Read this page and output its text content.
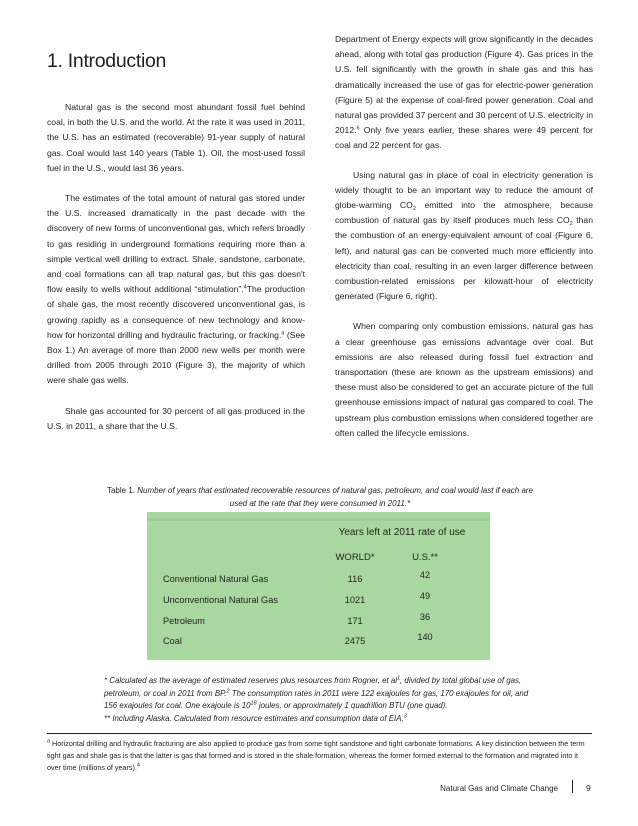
1. Introduction

Natural gas is the second most abundant fossil fuel behind coal, in both the U.S. and the world. At the rate it was used in 2011, the U.S. has an estimated (recoverable) 91-year supply of natural gas. Coal would last 140 years (Table 1). Oil, the most-used fossil fuel in the U.S., would last 36 years.

The estimates of the total amount of natural gas stored under the U.S. increased dramatically in the past decade with the discovery of new forms of unconventional gas, which refers broadly to gas residing in underground formations requiring more than a simple vertical well drilling to extract. Shale, sandstone, carbonate, and coal formations can all trap natural gas, but this gas doesn't flow easily to wells without additional “stimulation”.$^4$The production of shale gas, the most recently discovered unconventional gas, is growing rapidly as a consequence of new technology and know-how for horizontal drilling and hydraulic fracturing, or fracking.$^a$ (See Box 1.) An average of more than 2000 new wells per month were drilled from 2005 through 2010 (Figure 3), the majority of which were shale gas wells.

Shale gas accounted for 30 percent of all gas produced in the U.S. in 2011, a share that the U.S.

Department of Energy expects will grow significantly in the decades ahead, along with total gas production (Figure 4). Gas prices in the U.S. fell significantly with the growth in shale gas and this has dramatically increased the use of gas for electric-power generation (Figure 5) at the expense of coal-fired power generation. Coal and natural gas provided 37 percent and 30 percent of U.S. electricity in 2012.$^6$ Only five years earlier, these shares were 49 percent for coal and 22 percent for gas.

Using natural gas in place of coal in electricity generation is widely thought to be an important way to reduce the amount of globe-warming $CO_2$ emitted into the atmosphere, because combustion of natural gas by itself produces much less $CO_2$ than the combustion of an energy-equivalent amount of coal (Figure 6, left), and natural gas can be converted much more efficiently into electricity than coal, resulting in an even larger difference between combustion-related emissions per kilowatt-hour of electricity generated (Figure 6, right).

When comparing only combustion emissions, natural gas has a clear greenhouse gas emissions advantage over coal. But emissions are also released during fossil fuel extraction and transportation (these are known as the upstream emissions) and these must also be considered to get an accurate picture of the full greenhouse emissions impact of natural gas compared to coal. The upstream plus combustion emissions when considered together are often called the lifecycle emissions.

Table 1. Number of years that estimated recoverable resources of natural gas, petroleum, and coal would last if each are used at the rate that they were consumed in 2011.*
Years left at 2011 rate of use
WORLD*	U.S.**
Conventional Natural Gas	116	42
Unconventional Natural Gas	1021	49
Petroleum	171	36
Coal	2475	140
* Calculated as the average of estimated reserves plus resources from Rogner, et $al^1$, divided by total global use of gas, petroleum, or coal in 2011 from BP.$^2$ The consumption rates in 2011 were 122 exajoules for gas, 170 exajoules for oil, and 156 exajoules for coal. One exajoule is $10^{18}$ joules, or approximately 1 quadrillion BTU (one quad).
** Including Alaska. Calculated from resource estimates and consumption data of EIA.$^3$
$^a$ Horizontal drilling and hydraulic fracturing are also applied to produce gas from some tight sandstone and tight carbonate formations. A key distinction between the term tight gas and shale gas is that the latter is gas that formed and is stored in the shale formation, whereas the former formed external to the formation and migrated into it over time (millions of years).$^4$
Natural Gas and Climate Change	9
